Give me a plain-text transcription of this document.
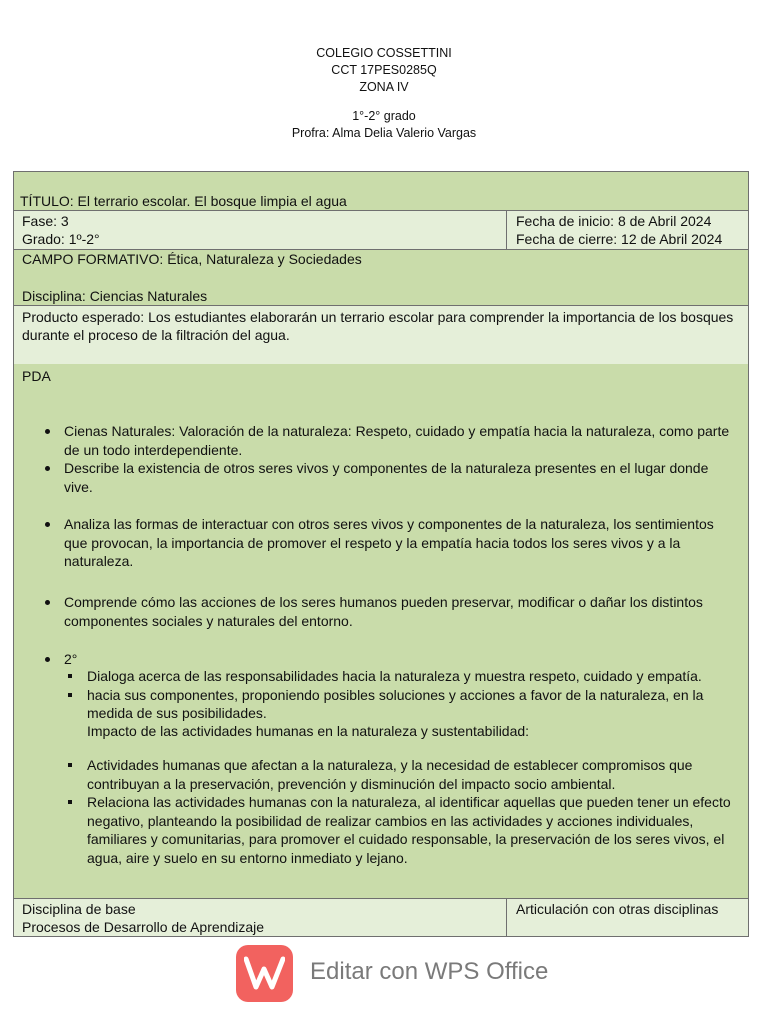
COLEGIO COSSETTINI
CCT 17PES0285Q
ZONA IV
1°-2° grado
Profra: Alma Delia Valerio Vargas
TÍTULO: El terrario escolar. El bosque limpia el agua
Fase: 3
Grado: 1º-2°
Fecha de inicio: 8 de Abril 2024
Fecha de cierre: 12 de Abril 2024
CAMPO FORMATIVO: Ética, Naturaleza y Sociedades
Disciplina: Ciencias Naturales
Producto esperado: Los estudiantes elaborarán un terrario escolar para comprender la importancia de los bosques durante el proceso de la filtración del agua.
PDA
Cienas Naturales: Valoración de la naturaleza: Respeto, cuidado y empatía hacia la naturaleza, como parte de un todo interdependiente.
Describe la existencia de otros seres vivos y componentes de la naturaleza presentes en el lugar donde vive.
Analiza las formas de interactuar con otros seres vivos y componentes de la naturaleza, los sentimientos que provocan, la importancia de promover el respeto y la empatía hacia todos los seres vivos y a la naturaleza.
Comprende cómo las acciones de los seres humanos pueden preservar, modificar o dañar los distintos componentes sociales y naturales del entorno.
2°
Dialoga acerca de las responsabilidades hacia la naturaleza y muestra respeto, cuidado y empatía.
hacia sus componentes, proponiendo posibles soluciones y acciones a favor de la naturaleza, en la medida de sus posibilidades.
Impacto de las actividades humanas en la naturaleza y sustentabilidad:
Actividades humanas que afectan a la naturaleza, y la necesidad de establecer compromisos que contribuyan a la preservación, prevención y disminución del impacto socio ambiental.
Relaciona las actividades humanas con la naturaleza, al identificar aquellas que pueden tener un efecto negativo, planteando la posibilidad de realizar cambios en las actividades y acciones individuales, familiares y comunitarias, para promover el cuidado responsable, la preservación de los seres vivos, el agua, aire y suelo en su entorno inmediato y lejano.
Disciplina de base
Procesos de Desarrollo de Aprendizaje
Articulación con otras disciplinas
Editar con WPS Office
